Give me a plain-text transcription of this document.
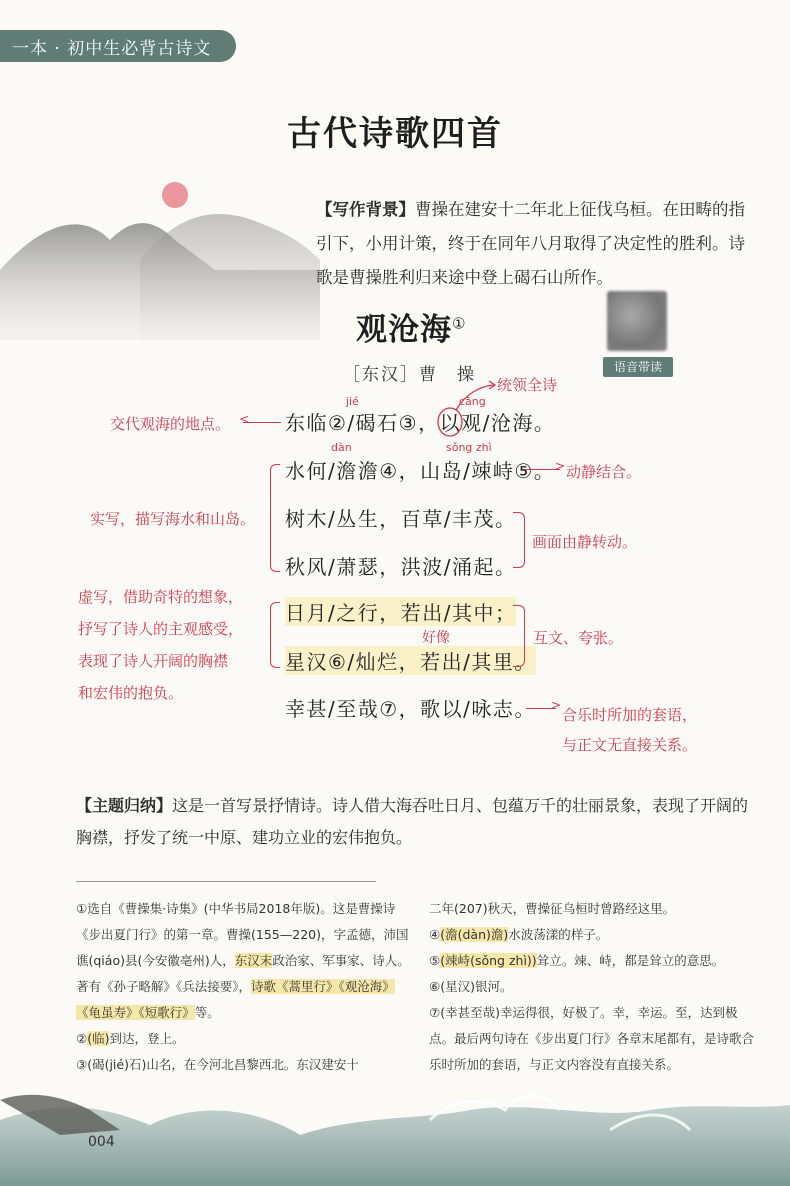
一本 · 初中生必背古诗文
古代诗歌四首
【写作背景】曹操在建安十二年北上征伐乌桓。在田畴的指引下，小用计策，终于在同年八月取得了决定性的胜利。诗歌是曹操胜利归来途中登上碣石山所作。
观沧海①
语音带读
［东汉］曹　操
jié	cāng
dàn	sǒng zhì
东临②/碣石③，以观/沧海。
水何/澹澹④，山岛/竦峙⑤。
树木/丛生，百草/丰茂。
秋风/萧瑟，洪波/涌起。
日月/之行，若出/其中；
星汉⑥/灿烂，若出/其里。
幸甚/至哉⑦，歌以/咏志。
统领全诗
交代观海的地点。 <
> 动静结合。
实写，描写海水和山岛。
画面由静转动。
虚写，借助奇特的想象，
抒写了诗人的主观感受，
表现了诗人开阔的胸襟
和宏伟的抱负。
好像	互文、夸张。
>
合乐时所加的套语，
与正文无直接关系。
【主题归纳】这是一首写景抒情诗。诗人借大海吞吐日月、包蕴万千的壮丽景象，表现了开阔的胸襟，抒发了统一中原、建功立业的宏伟抱负。
①选自《曹操集·诗集》(中华书局2018年版)。这是曹操诗《步出夏门行》的第一章。曹操(155—220)，字孟德，沛国谯(qiáo)县(今安徽亳州)人，东汉末政治家、军事家、诗人。著有《孙子略解》《兵法接要》，诗歌《蒿里行》《观沧海》《龟虽寿》《短歌行》等。
②(临)到达，登上。
③(碣(jié)石)山名，在今河北昌黎西北。东汉建安十
二年(207)秋天，曹操征乌桓时曾路经这里。
④(澹(dàn)澹)水波荡漾的样子。
⑤(竦峙(sǒng zhì))耸立。竦、峙，都是耸立的意思。
⑥(星汉)银河。
⑦(幸甚至哉)幸运得很，好极了。幸，幸运。至，达到极点。最后两句诗在《步出夏门行》各章末尾都有，是诗歌合乐时所加的套语，与正文内容没有直接关系。
004
